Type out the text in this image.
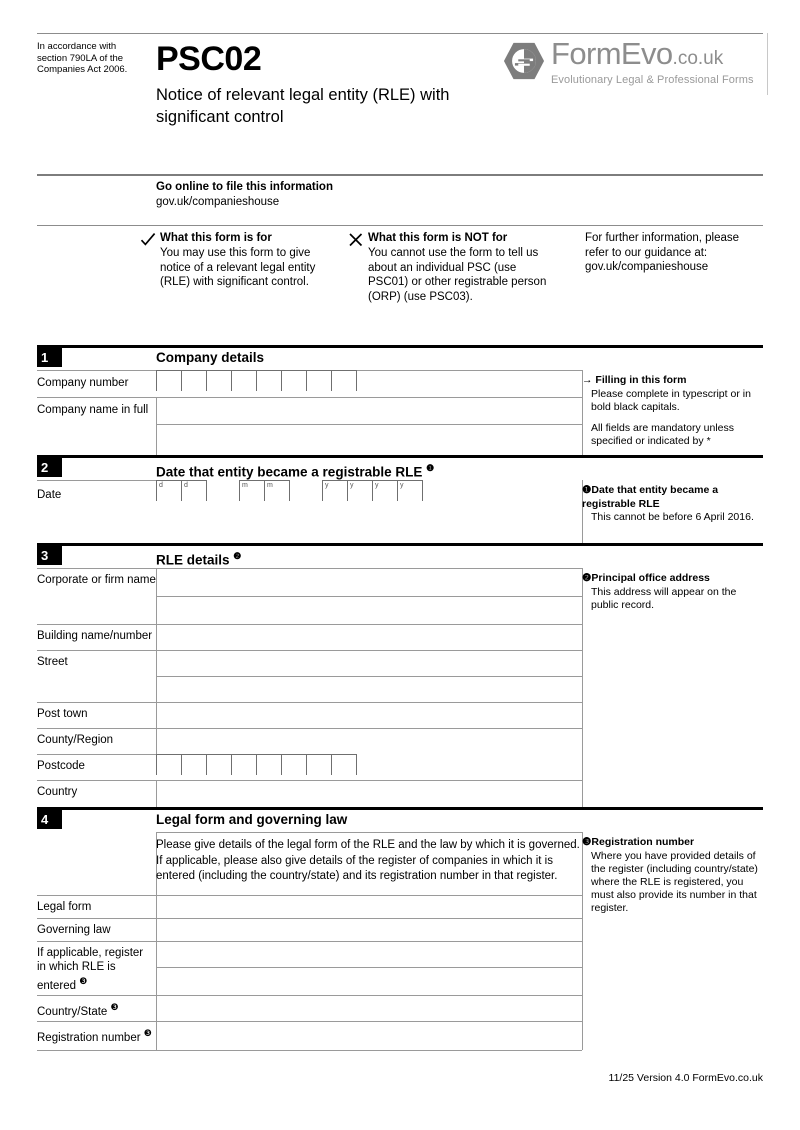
In accordance with section 790LA of the Companies Act 2006. PSC02
Notice of relevant legal entity (RLE) with significant control
FormEvo.co.uk
Evolutionary Legal & Professional Forms
Go online to file this information
gov.uk/companieshouse
What this form is for
You may use this form to give notice of a relevant legal entity (RLE) with significant control.
What this form is NOT for
You cannot use the form to tell us about an individual PSC (use PSC01) or other registrable person (ORP) (use PSC03).
For further information, please refer to our guidance at: gov.uk/companieshouse
1	Company details
Company number
Company name in full
→ Filling in this form
Please complete in typescript or in bold black capitals.
All fields are mandatory unless specified or indicated by *
2	Date that entity became a registrable RLE $^❶$
Date
d	d	m	m	y	y	y	y	❶Date that entity became a registrable RLE
This cannot be before 6 April 2016.
3	RLE details $^❷$
Corporate or firm name
Building name/number
Street
Post town
County/Region
Postcode
Country
❷Principal office address
This address will appear on the public record.
4	Legal form and governing law
Please give details of the legal form of the RLE and the law by which it is governed. If applicable, please also give details of the register of companies in which it is entered (including the country/state) and its registration number in that register.
Legal form
Governing law
If applicable, register in which RLE is entered $^❸$
Country/State $^❸$
Registration number $^❸$
❸Registration number
Where you have provided details of the register (including country/state) where the RLE is registered, you must also provide its number in that register.
11/25 Version 4.0 FormEvo.co.uk
